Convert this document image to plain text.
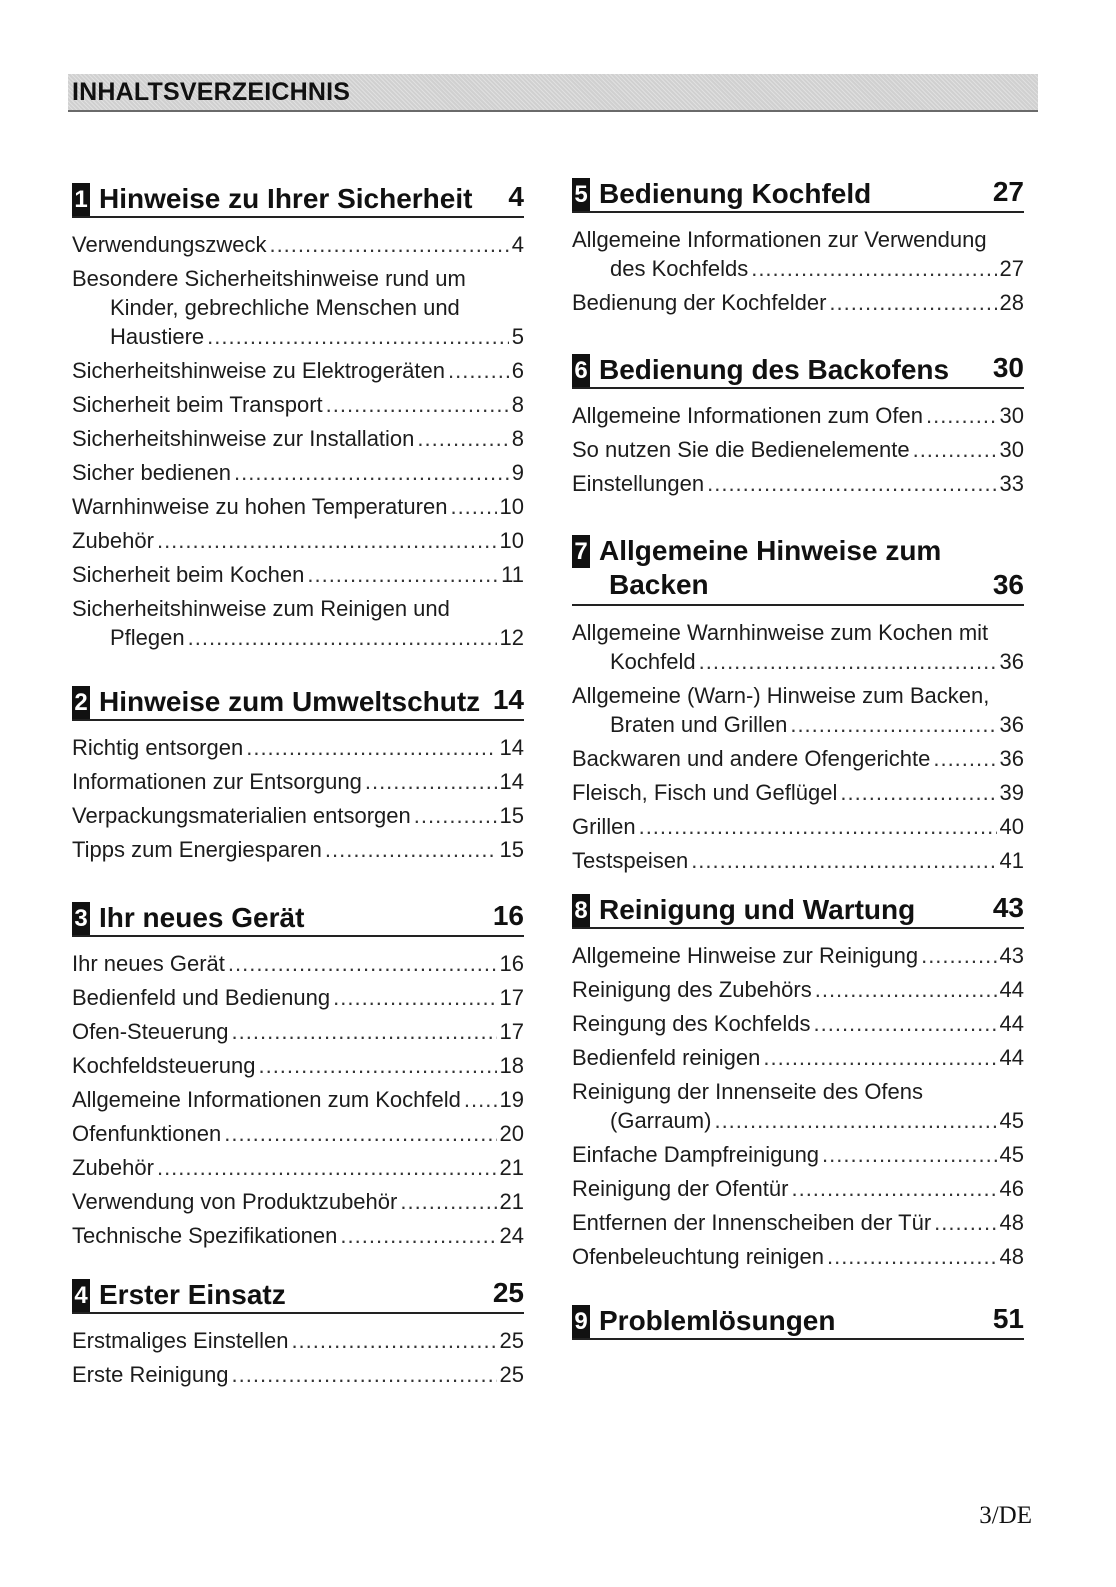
INHALTSVERZEICHNIS
1 Hinweise zu Ihrer Sicherheit 4
Verwendungszweck .....	4
Besondere Sicherheitshinweise rund um
Kinder, gebrechliche Menschen und
Haustiere .....	5
Sicherheitshinweise zu Elektrogeräten .....	6
Sicherheit beim Transport .....	8
Sicherheitshinweise zur Installation .....	8
Sicher bedienen .....	9
Warnhinweise zu hohen Temperaturen ..... 10
Zubehör .....	10
Sicherheit beim Kochen .....	11
Sicherheitshinweise zum Reinigen und
Pflegen .....	12
2 Hinweise zum Umweltschutz 14
Richtig entsorgen .....	14
Informationen zur Entsorgung .....	14
Verpackungsmaterialien entsorgen .....	15
Tipps zum Energiesparen .....	15
3 Ihr neues Gerät	16
Ihr neues Gerät .....	16
Bedienfeld und Bedienung .....	17
Ofen-Steuerung .....	17
Kochfeldsteuerung .....	18
Allgemeine Informationen zum Kochfeld ..... 19
Ofenfunktionen .....	20
Zubehör .....	21
Verwendung von Produktzubehör .....	21
Technische Spezifikationen .....	24
4 Erster Einsatz	25
Erstmaliges Einstellen .....	25
Erste Reinigung .....	25
5 Bedienung Kochfeld	27
Allgemeine Informationen zur Verwendung
des Kochfelds .....	27
Bedienung der Kochfelder .....	28
6 Bedienung des Backofens 30
Allgemeine Informationen zum Ofen .....	30
So nutzen Sie die Bedienelemente .....	30
Einstellungen .....	33
7 Allgemeine Hinweise zum
Backen	36
Allgemeine Warnhinweise zum Kochen mit
Kochfeld .....	36
Allgemeine (Warn-) Hinweise zum Backen,
Braten und Grillen .....	36
Backwaren und andere Ofengerichte .....	36
Fleisch, Fisch und Geflügel .....	39
Grillen .....	40
Testspeisen .....	41
8 Reinigung und Wartung	43
Allgemeine Hinweise zur Reinigung .....	43
Reinigung des Zubehörs .....	44
Reingung des Kochfelds .....	44
Bedienfeld reinigen .....	44
Reinigung der Innenseite des Ofens
(Garraum) .....	45
Einfache Dampfreinigung .....	45
Reinigung der Ofentür .....	46
Entfernen der Innenscheiben der Tür .....	48
Ofenbeleuchtung reinigen .....	48
9 Problemlösungen	51
3/DE
